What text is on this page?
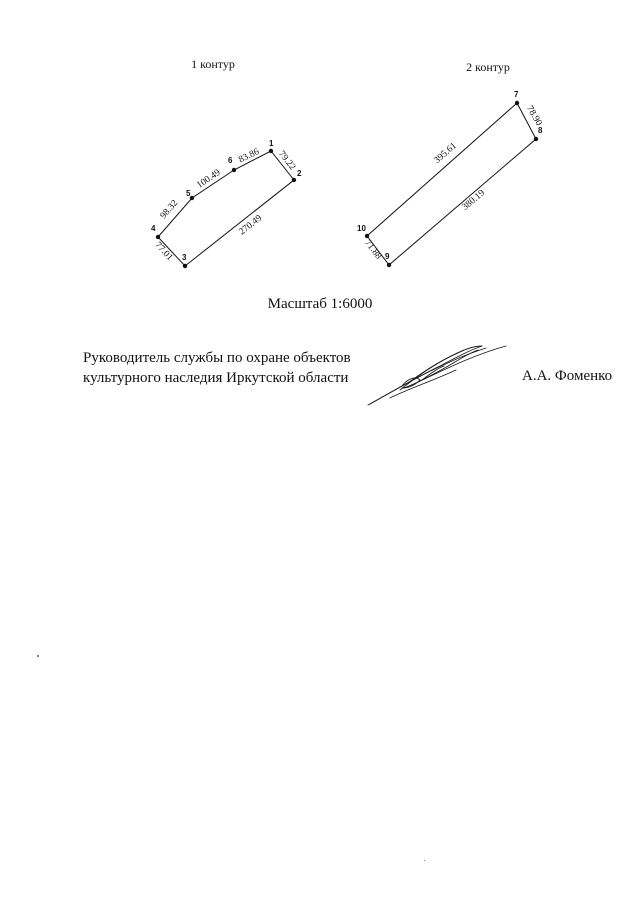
1 контур	2 контур
1
2
3
4
5
6	79.22
270.49
77.01
98.32
100.49
83.86
7
8
9
10
78.90
380.19
71.88
395.61
Масштаб 1:6000
Руководитель службы по охране объектов
культурного наследия Иркутской области	А.А. Фоменко
